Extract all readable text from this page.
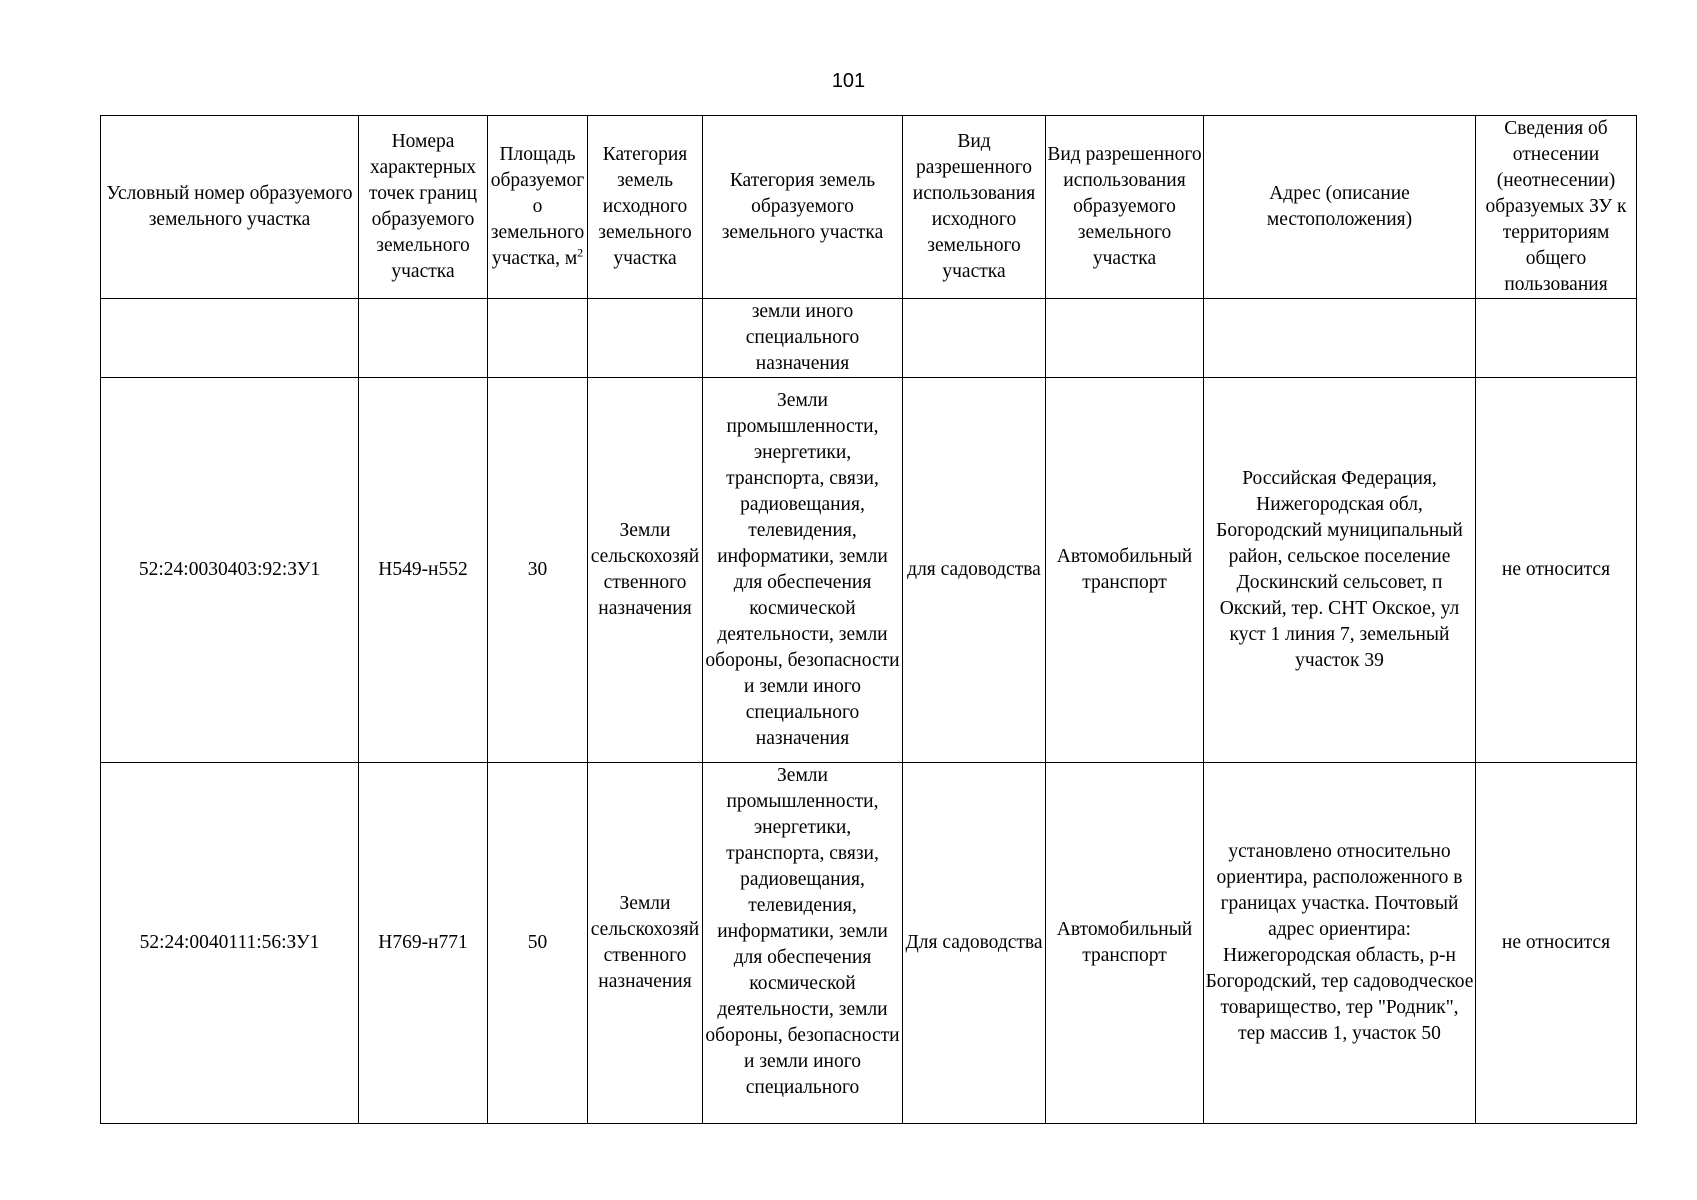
101
Условный номер образуемого земельного участка	Номера характерных точек границ образуемого земельного участка	Площадь образуемого земельного участка, $м^2$	Категория земель исходного земельного участка	Категория земель образуемого земельного участка	Вид разрешенного использования исходного земельного участка	Вид разрешенного использования образуемого земельного участка	Адрес (описание местоположения)	Сведения об отнесении (неотнесении) образуемых ЗУ к территориям общего пользования
				земли иного специального назначения				
52:24:0030403:92:ЗУ1	Н549-н552	30	Земли сельскохозяйственного назначения	Земли промышленности, энергетики, транспорта, связи, радиовещания, телевидения, информатики, земли для обеспечения космической деятельности, земли обороны, безопасности и земли иного специального назначения	для садоводства	Автомобильный транспорт	Российская Федерация, Нижегородская обл, Богородский муниципальный район, сельское поселение Доскинский сельсовет, п Окский, тер. СНТ Окское, ул куст 1 линия 7, земельный участок 39	не относится
52:24:0040111:56:ЗУ1	Н769-н771	50	Земли сельскохозяйственного назначения	Земли промышленности, энергетики, транспорта, связи, радиовещания, телевидения, информатики, земли для обеспечения космической деятельности, земли обороны, безопасности и земли иного специального	Для садоводства	Автомобильный транспорт	установлено относительно ориентира, расположенного в границах участка. Почтовый адрес ориентира: Нижегородская область, р-н Богородский, тер садоводческое товарищество, тер "Родник", тер массив 1, участок 50	не относится
